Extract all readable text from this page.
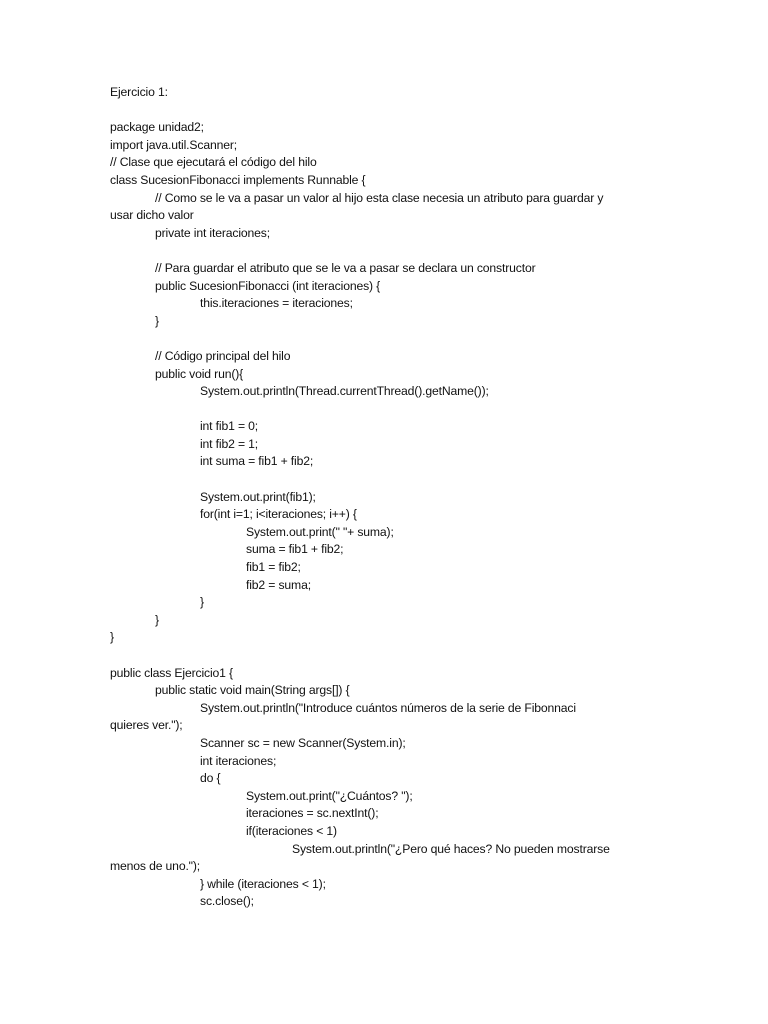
Ejercicio 1:
package unidad2;
import java.util.Scanner;
// Clase que ejecutará el código del hilo
class SucesionFibonacci implements Runnable {
// Como se le va a pasar un valor al hijo esta clase necesia un atributo para guardar y
usar dicho valor
private int iteraciones;
// Para guardar el atributo que se le va a pasar se declara un constructor
public SucesionFibonacci (int iteraciones) {
this.iteraciones = iteraciones;
}
// Código principal del hilo
public void run(){
System.out.println(Thread.currentThread().getName());
int fib1 = 0;
int fib2 = 1;
int suma = fib1 + fib2;
System.out.print(fib1);
for(int i=1; i<iteraciones; i++) {
System.out.print(" "+ suma);
suma = fib1 + fib2;
fib1 = fib2;
fib2 = suma;
}
}
}
public class Ejercicio1 {
public static void main(String args[]) {
System.out.println("Introduce cuántos números de la serie de Fibonnaci
quieres ver.");
Scanner sc = new Scanner(System.in);
int iteraciones;
do {
System.out.print("¿Cuántos? ");
iteraciones = sc.nextInt();
if(iteraciones < 1)
System.out.println("¿Pero qué haces? No pueden mostrarse
menos de uno.");
} while (iteraciones < 1);
sc.close();
